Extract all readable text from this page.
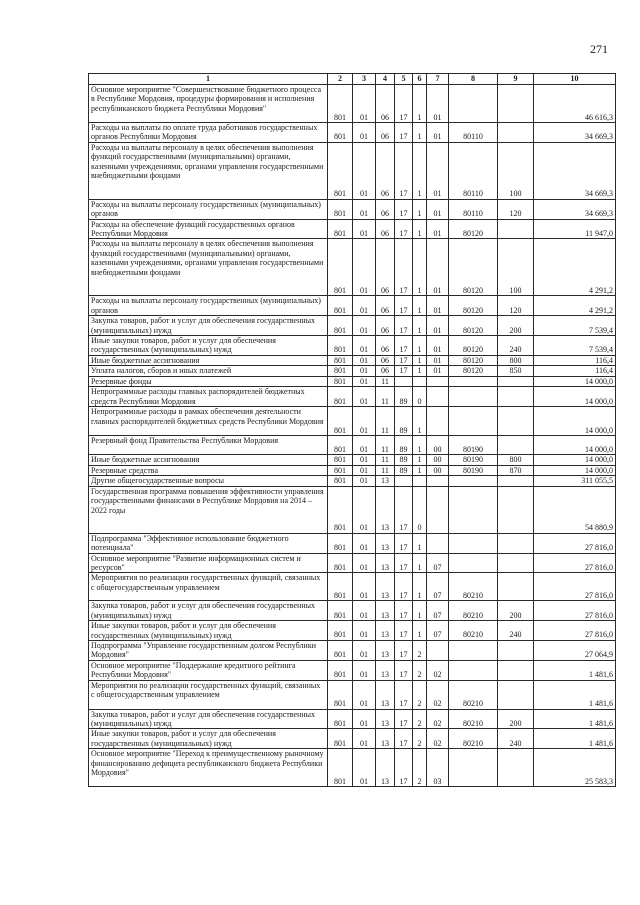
271
1	2	3	4	5	6	7	8	9	10
Основное мероприятие "Совершенствование бюджетного процесса в Республике Мордовия, процедуры формирования и исполнения республиканского бюджета Республики Мордовия"	801	01	06	17	1	01			46 616,3
Расходы на выплаты по оплате труда работников государственных органов Республики Мордовия	801	01	06	17	1	01	80110		34 669,3
Расходы на выплаты персоналу в целях обеспечения выполнения функций государственными (муниципальными) органами, казенными учреждениями, органами управления государственными внебюджетными фондами	801	01	06	17	1	01	80110	100	34 669,3
Расходы на выплаты персоналу государственных (муниципальных) органов	801	01	06	17	1	01	80110	120	34 669,3
Расходы на обеспечение функций государственных органов Республики Мордовия	801	01	06	17	1	01	80120		11 947,0
Расходы на выплаты персоналу в целях обеспечения выполнения функций государственными (муниципальными) органами, казенными учреждениями, органами управления государственными внебюджетными фондами	801	01	06	17	1	01	80120	100	4 291,2
Расходы на выплаты персоналу государственных (муниципальных) органов	801	01	06	17	1	01	80120	120	4 291,2
Закупка товаров, работ и услуг для обеспечения государственных (муниципальных) нужд	801	01	06	17	1	01	80120	200	7 539,4
Иные закупки товаров, работ и услуг для обеспечения государственных (муниципальных) нужд	801	01	06	17	1	01	80120	240	7 539,4
Иные бюджетные ассигнования	801	01	06	17	1	01	80120	800	116,4
Уплата налогов, сборов и иных платежей	801	01	06	17	1	01	80120	850	116,4
Резервные фонды	801	01	11						14 000,0
Непрограммные расходы главных распорядителей бюджетных средств Республики Мордовия	801	01	11	89	0				14 000,0
Непрограммные расходы в рамках обеспечения деятельности главных распорядителей бюджетных средств Республики Мордовия	801	01	11	89	1				14 000,0
Резервный фонд Правительства Республики Мордовия	801	01	11	89	1	00	80190		14 000,0
Иные бюджетные ассигнования	801	01	11	89	1	00	80190	800	14 000,0
Резервные средства	801	01	11	89	1	00	80190	870	14 000,0
Другие общегосударственные вопросы	801	01	13						311 055,5
Государственная программа повышения эффективности управления государственными финансами в Республике Мордовия на 2014 – 2022 годы	801	01	13	17	0				54 880,9
Подпрограмма "Эффективное использование бюджетного потенциала"	801	01	13	17	1				27 816,0
Основное мероприятие "Развитие информационных систем и ресурсов"	801	01	13	17	1	07			27 816,0
Мероприятия по реализации государственных функций, связанных с общегосударственным управлением	801	01	13	17	1	07	80210		27 816,0
Закупка товаров, работ и услуг для обеспечения государственных (муниципальных) нужд	801	01	13	17	1	07	80210	200	27 816,0
Иные закупки товаров, работ и услуг для обеспечения государственных (муниципальных) нужд	801	01	13	17	1	07	80210	240	27 816,0
Подпрограмма "Управление государственным долгом Республики Мордовия"	801	01	13	17	2				27 064,9
Основное мероприятие "Поддержание кредитного рейтинга Республики Мордовия"	801	01	13	17	2	02			1 481,6
Мероприятия по реализации государственных функций, связанных с общегосударственным управлением	801	01	13	17	2	02	80210		1 481,6
Закупка товаров, работ и услуг для обеспечения государственных (муниципальных) нужд	801	01	13	17	2	02	80210	200	1 481,6
Иные закупки товаров, работ и услуг для обеспечения государственных (муниципальных) нужд	801	01	13	17	2	02	80210	240	1 481,6
Основное мероприятие "Переход к преимущественному рыночному финансированию дефицита республиканского бюджета Республики Мордовия"	801	01	13	17	2	03			25 583,3
